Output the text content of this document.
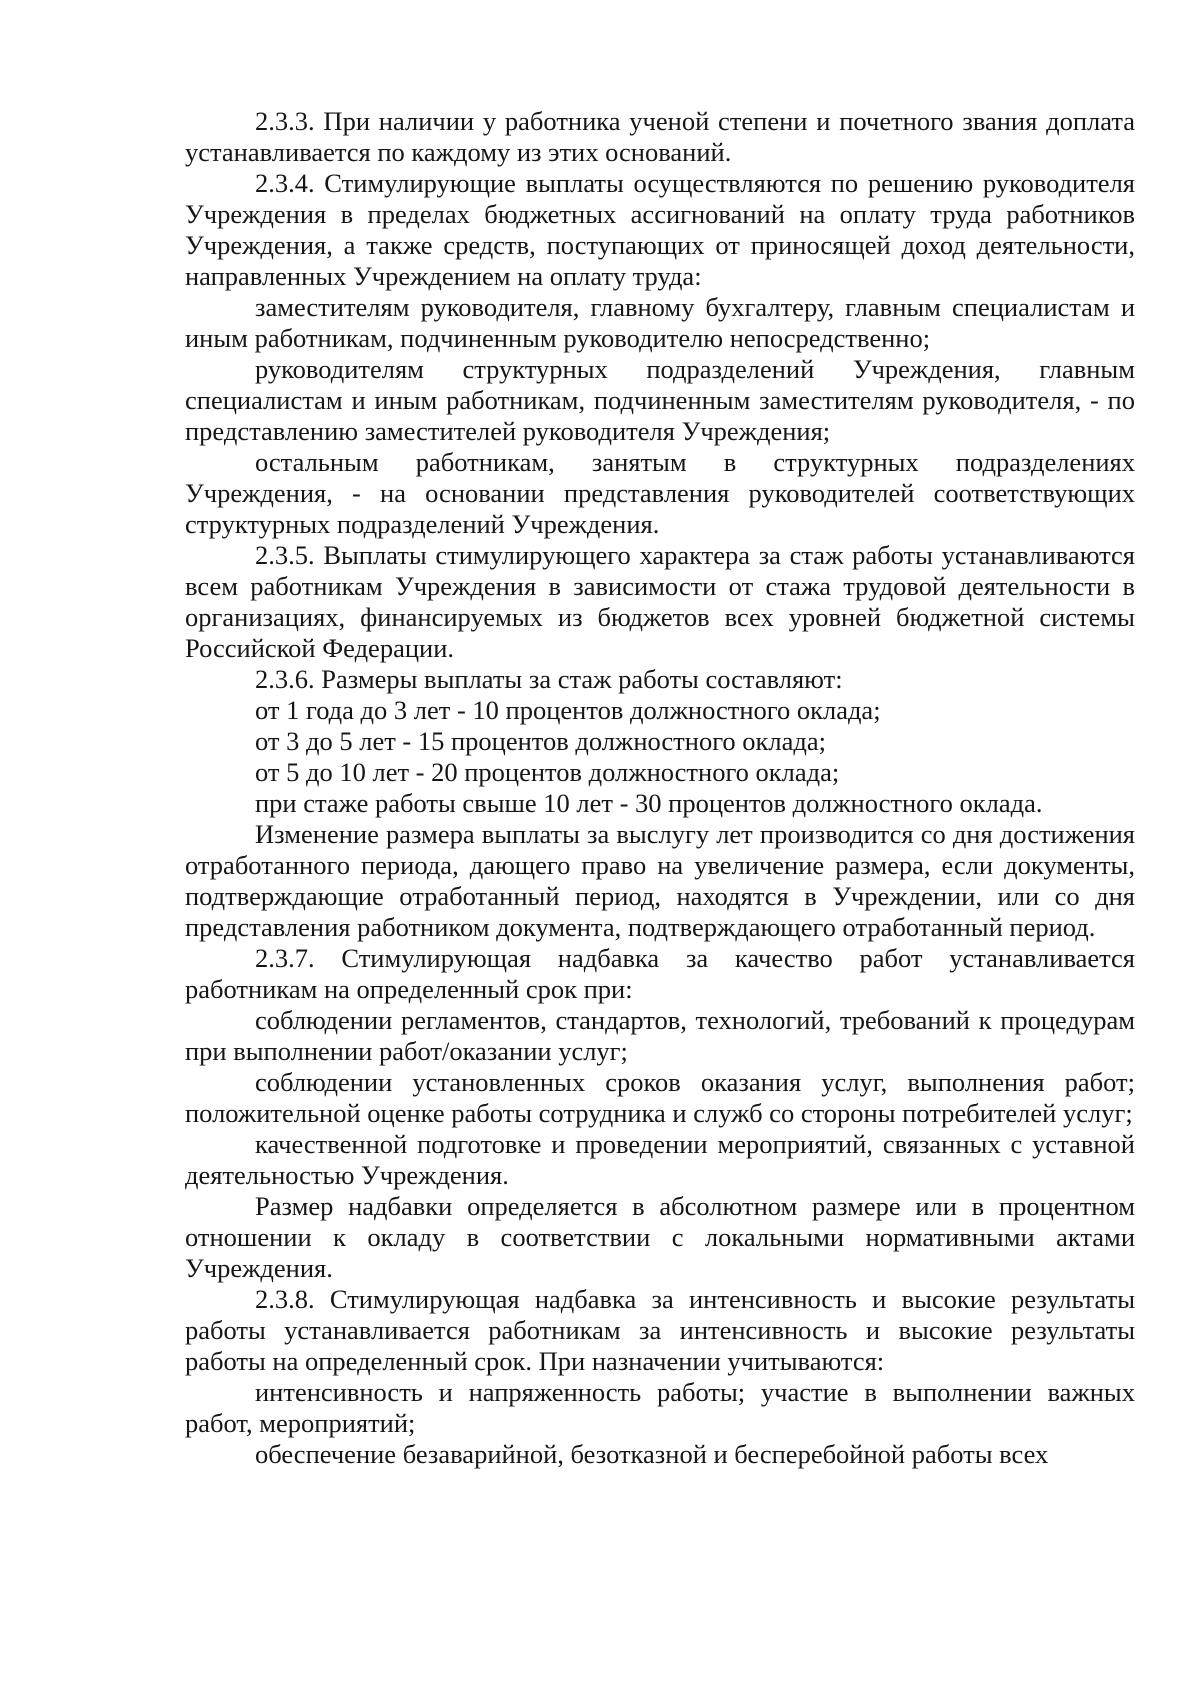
2.3.3. При наличии у работника ученой степени и почетного звания доплата устанавливается по каждому из этих оснований.

2.3.4. Стимулирующие выплаты осуществляются по решению руководителя Учреждения в пределах бюджетных ассигнований на оплату труда работников Учреждения, а также средств, поступающих от приносящей доход деятельности, направленных Учреждением на оплату труда:

заместителям руководителя, главному бухгалтеру, главным специалистам и иным работникам, подчиненным руководителю непосредственно;

руководителям структурных подразделений Учреждения, главным специалистам и иным работникам, подчиненным заместителям руководителя, - по представлению заместителей руководителя Учреждения;

остальным работникам, занятым в структурных подразделениях Учреждения, - на основании представления руководителей соответствующих структурных подразделений Учреждения.

2.3.5. Выплаты стимулирующего характера за стаж работы устанавливаются всем работникам Учреждения в зависимости от стажа трудовой деятельности в организациях, финансируемых из бюджетов всех уровней бюджетной системы Российской Федерации.

2.3.6. Размеры выплаты за стаж работы составляют:

от 1 года до 3 лет - 10 процентов должностного оклада;

от 3 до 5 лет - 15 процентов должностного оклада;

от 5 до 10 лет - 20 процентов должностного оклада;

при стаже работы свыше 10 лет - 30 процентов должностного оклада.

Изменение размера выплаты за выслугу лет производится со дня достижения отработанного периода, дающего право на увеличение размера, если документы, подтверждающие отработанный период, находятся в Учреждении, или со дня представления работником документа, подтверждающего отработанный период.

2.3.7. Стимулирующая надбавка за качество работ устанавливается работникам на определенный срок при:

соблюдении регламентов, стандартов, технологий, требований к процедурам при выполнении работ/оказании услуг;

соблюдении установленных сроков оказания услуг, выполнения работ; положительной оценке работы сотрудника и служб со стороны потребителей услуг;

качественной подготовке и проведении мероприятий, связанных с уставной деятельностью Учреждения.

Размер надбавки определяется в абсолютном размере или в процентном отношении к окладу в соответствии с локальными нормативными актами Учреждения.

2.3.8. Стимулирующая надбавка за интенсивность и высокие результаты работы устанавливается работникам за интенсивность и высокие результаты работы на определенный срок. При назначении учитываются:

интенсивность и напряженность работы; участие в выполнении важных работ, мероприятий;

обеспечение безаварийной, безотказной и бесперебойной работы всех
